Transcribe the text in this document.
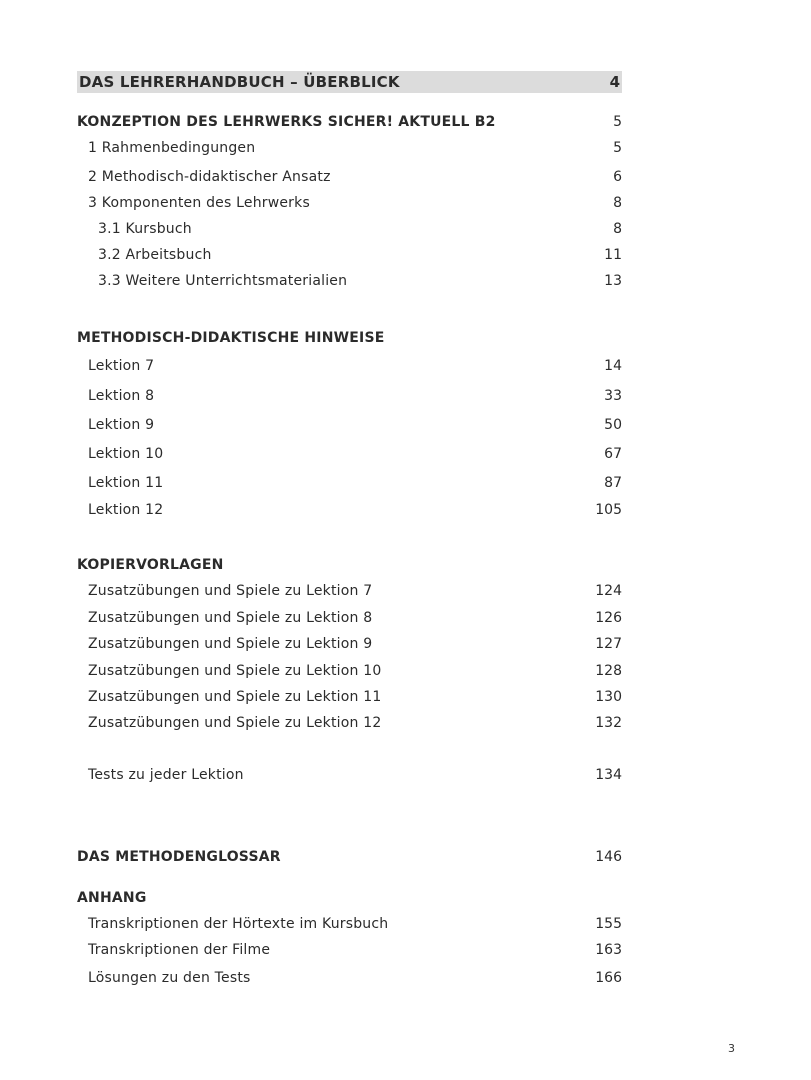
DAS LEHRERHANDBUCH – ÜBERBLICK	4
KONZEPTION DES LEHRWERKS SICHER! AKTUELL B2	5
1 Rahmenbedingungen	5
2 Methodisch-didaktischer Ansatz	6
3 Komponenten des Lehrwerks	8
3.1 Kursbuch	8
3.2 Arbeitsbuch	11
3.3 Weitere Unterrichtsmaterialien	13
METHODISCH-DIDAKTISCHE HINWEISE
Lektion 7	14
Lektion 8	33
Lektion 9	50
Lektion 10	67
Lektion 11	87
Lektion 12	105
KOPIERVORLAGEN
Zusatzübungen und Spiele zu Lektion 7	124
Zusatzübungen und Spiele zu Lektion 8	126
Zusatzübungen und Spiele zu Lektion 9	127
Zusatzübungen und Spiele zu Lektion 10	128
Zusatzübungen und Spiele zu Lektion 11	130
Zusatzübungen und Spiele zu Lektion 12	132
Tests zu jeder Lektion	134
DAS METHODENGLOSSAR	146
ANHANG
Transkriptionen der Hörtexte im Kursbuch	155
Transkriptionen der Filme	163
Lösungen zu den Tests	166
3
